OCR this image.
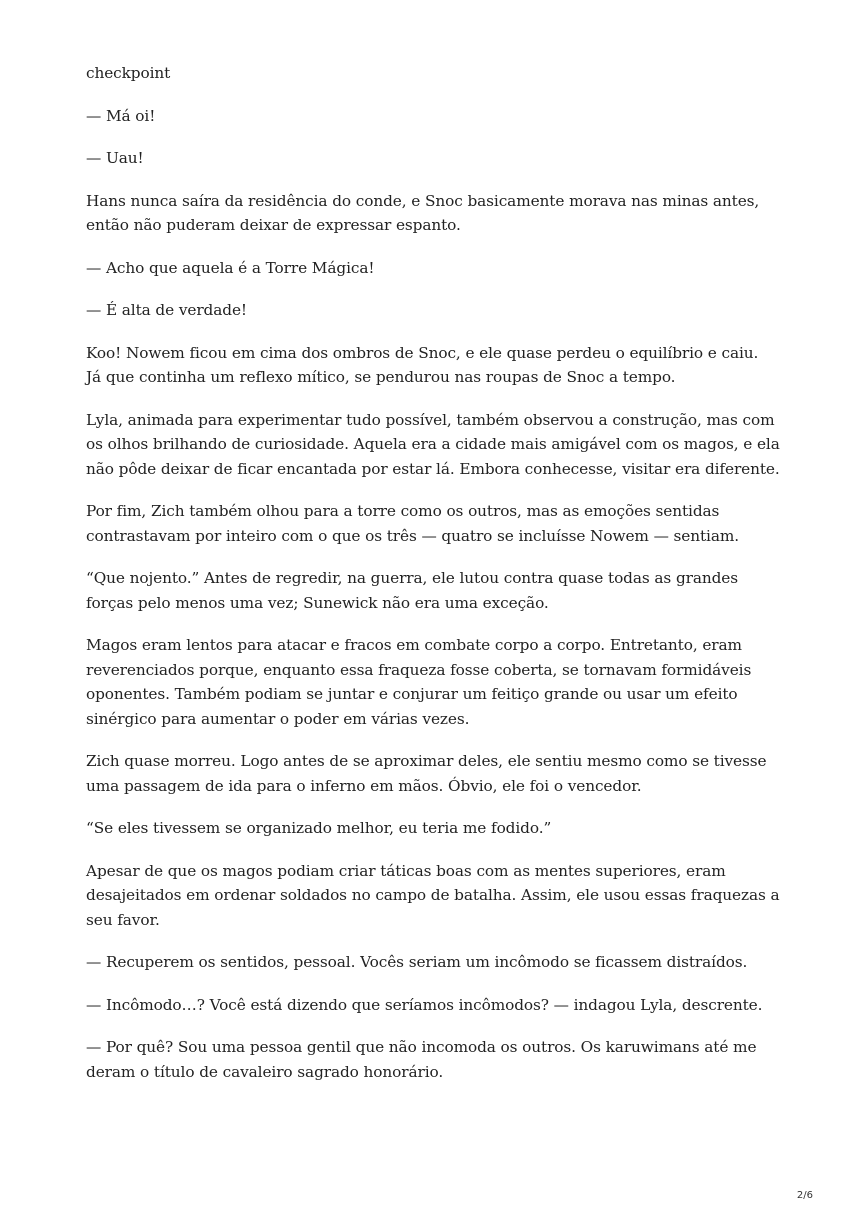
checkpoint

— Má oi!

— Uau!

Hans nunca saíra da residência do conde, e Snoc basicamente morava nas minas antes,
então não puderam deixar de expressar espanto.

— Acho que aquela é a Torre Mágica!

— É alta de verdade!

Koo! Nowem ficou em cima dos ombros de Snoc, e ele quase perdeu o equilíbrio e caiu.
Já que continha um reflexo mítico, se pendurou nas roupas de Snoc a tempo.

Lyla, animada para experimentar tudo possível, também observou a construção, mas com
os olhos brilhando de curiosidade. Aquela era a cidade mais amigável com os magos, e ela
não pôde deixar de ficar encantada por estar lá. Embora conhecesse, visitar era diferente.

Por fim, Zich também olhou para a torre como os outros, mas as emoções sentidas
contrastavam por inteiro com o que os três — quatro se incluísse Nowem — sentiam.

“Que nojento.” Antes de regredir, na guerra, ele lutou contra quase todas as grandes
forças pelo menos uma vez; Sunewick não era uma exceção.

Magos eram lentos para atacar e fracos em combate corpo a corpo. Entretanto, eram
reverenciados porque, enquanto essa fraqueza fosse coberta, se tornavam formidáveis
oponentes. Também podiam se juntar e conjurar um feitiço grande ou usar um efeito
sinérgico para aumentar o poder em várias vezes.

Zich quase morreu. Logo antes de se aproximar deles, ele sentiu mesmo como se tivesse
uma passagem de ida para o inferno em mãos. Óbvio, ele foi o vencedor.

“Se eles tivessem se organizado melhor, eu teria me fodido.”

Apesar de que os magos podiam criar táticas boas com as mentes superiores, eram
desajeitados em ordenar soldados no campo de batalha. Assim, ele usou essas fraquezas a
seu favor.

— Recuperem os sentidos, pessoal. Vocês seriam um incômodo se ficassem distraídos.

— Incômodo…? Você está dizendo que seríamos incômodos? — indagou Lyla, descrente.

— Por quê? Sou uma pessoa gentil que não incomoda os outros. Os karuwimans até me
deram o título de cavaleiro sagrado honorário.

2/6
